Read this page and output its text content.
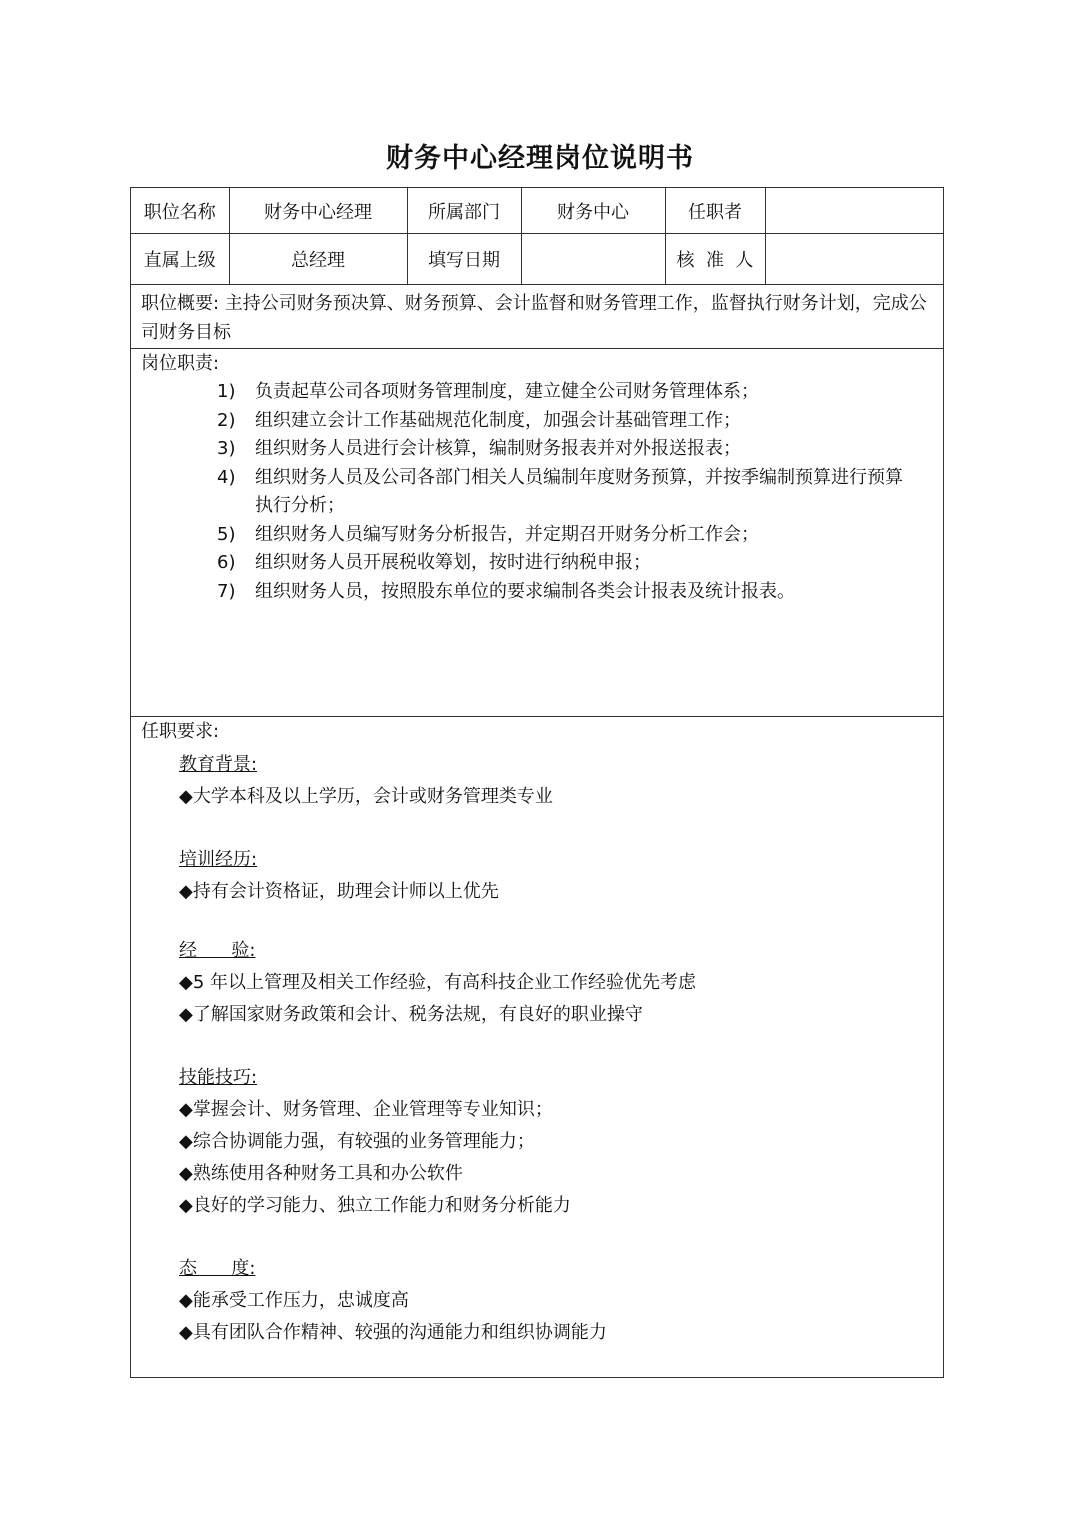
财务中心经理岗位说明书
职位名称	财务中心经理	所属部门	财务中心	任职者	
直属上级	总经理	填写日期		核  准  人	
职位概要: 主持公司财务预决算、财务预算、会计监督和财务管理工作，监督执行财务计划，完成公司财务目标
岗位职责:
1) 负责起草公司各项财务管理制度，建立健全公司财务管理体系；
2) 组织建立会计工作基础规范化制度，加强会计基础管理工作；
3) 组织财务人员进行会计核算，编制财务报表并对外报送报表；
4) 组织财务人员及公司各部门相关人员编制年度财务预算，并按季编制预算进行预算执行分析；
5) 组织财务人员编写财务分析报告，并定期召开财务分析工作会；
6) 组织财务人员开展税收筹划，按时进行纳税申报；
7) 组织财务人员，按照股东单位的要求编制各类会计报表及统计报表。
任职要求:
教育背景:
◆大学本科及以上学历，会计或财务管理类专业
培训经历:
◆持有会计资格证，助理会计师以上优先
经      验:
◆5 年以上管理及相关工作经验，有高科技企业工作经验优先考虑
◆了解国家财务政策和会计、税务法规，有良好的职业操守
技能技巧:
◆掌握会计、财务管理、企业管理等专业知识；
◆综合协调能力强，有较强的业务管理能力；
◆熟练使用各种财务工具和办公软件
◆良好的学习能力、独立工作能力和财务分析能力
态      度:
◆能承受工作压力，忠诚度高
◆具有团队合作精神、较强的沟通能力和组织协调能力
